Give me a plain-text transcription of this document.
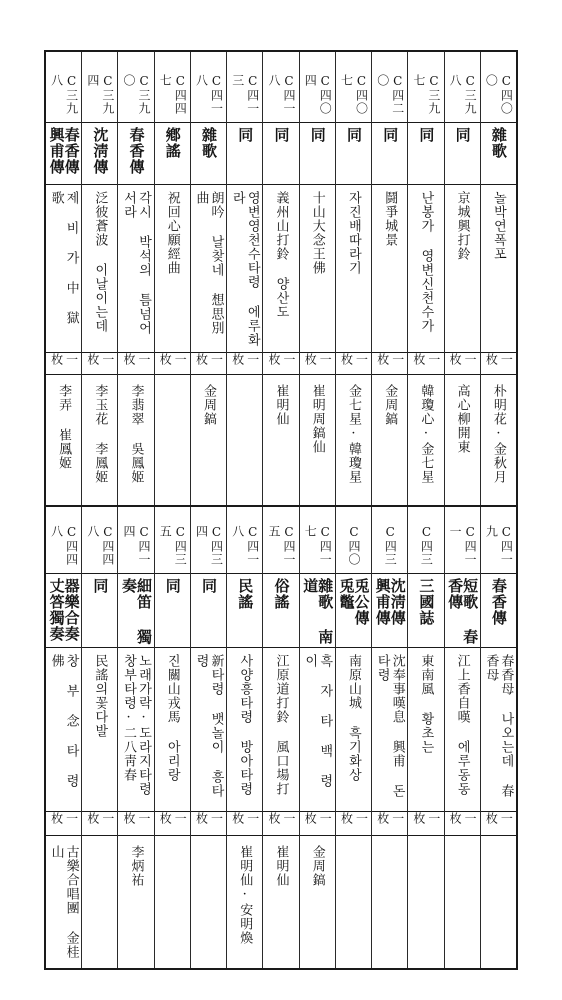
C四〇〇
雜歌
놀박연폭포
一枚
朴明花·金秋月
C三九八
同
京城興打鈴
一枚
高心柳開東
C三九七
同
난봉가 영변신천수가
一枚
韓瓊心·金七星
C四二〇
同
鬪爭城景
一枚
金周鎬
C四〇七
同
자진배따라기
一枚
金七星·韓瓊星
C四〇四
同
十山大念王佛
一枚
崔明周鎬仙
C四一八
同
義州山打鈴 양산도
一枚
崔明仙
C四一三
同
영변영천수타령 에루화라
一枚
C四一八
雜歌
朗吟 날찾네 想思別曲
一枚
金周鎬
C四四七
鄕謠
祝回心願經曲
一枚
C三九〇
春香傳
각시 박석의 틈넘어서라
一枚
李翡翠 吳鳳姬
C三九四
沈淸傳
泛彼蒼波 이날이는데
一枚
李玉花 李鳳姬
C三九八
春香傳 興甫傳
제 비 가 中 獄 歌
一枚
李弄 崔鳳姬
C四一九
春香傳
春香母 나오는데 春香母
一枚
C四一一
短歌 春香傳
江上香自嘆 에루동동
一枚
C四三
三國誌
東南風 황초는
一枚
C四三
沈淸傳 興甫傳
沈奉事嘆息 興甫 돈타령
一枚
C四〇
兎公傳 兎鼈
南原山城 흑기화상
一枚
C四一七
雜歌 南道
흑 자 타 백 령 이
一枚
金周鎬
C四一五
俗謠
江原道打鈴 風口場打
一枚
崔明仙
C四一八
民謠
사양흥타령 방아타령
一枚
崔明仙·安明煥
C四三四
同
新타령 뱃놀이 흥타령
一枚
C四三五
同
진關山戎馬 아리랑
一枚
C四一四
細笛 獨奏
노래가락·도라지타령 창부타령·二八靑春
一枚
李炳祐
C四四八
同
民謠의꽃다발
一枚
C四四八
器樂合奏 丈答獨奏
창 부 念 타 령 佛
一枚
古樂合唱團 金桂山
